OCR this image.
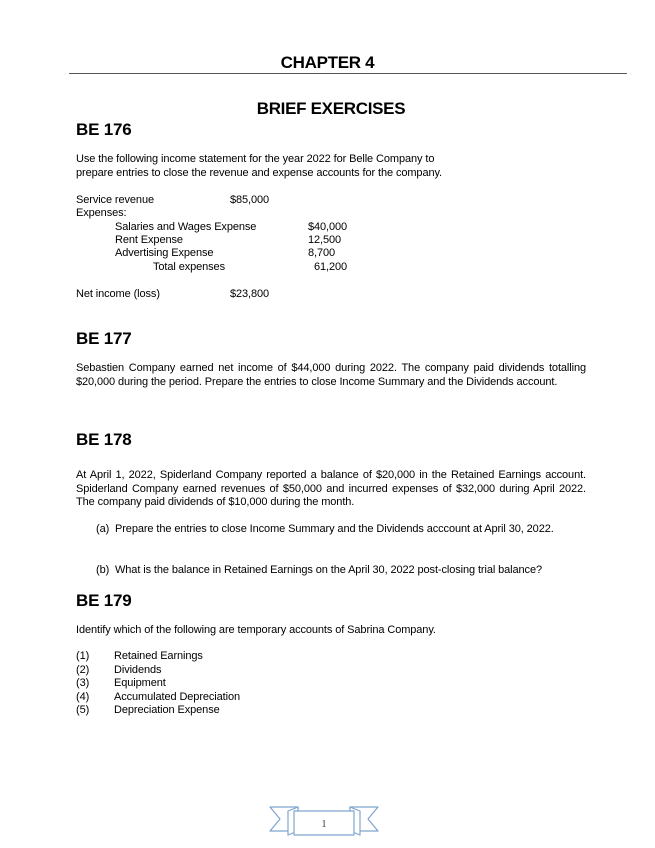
CHAPTER 4
BRIEF EXERCISES
BE 176
Use the following income statement for the year 2022 for Belle Company to
prepare entries to close the revenue and expense accounts for the company.
Service revenue	$85,000
Expenses:
Salaries and Wages Expense	$40,000
Rent Expense	12,500
Advertising Expense	8,700
Total expenses	61,200
Net income (loss)	$23,800
BE 177
Sebastien Company earned net income of $44,000 during 2022. The company paid dividends totalling $20,000 during the period. Prepare the entries to close Income Summary and the Dividends account.
BE 178
At April 1, 2022, Spiderland Company reported a balance of $20,000 in the Retained Earnings account. Spiderland Company earned revenues of $50,000 and incurred expenses of $32,000 during April 2022. The company paid dividends of $10,000 during the month.
(a) Prepare the entries to close Income Summary and the Dividends acccount at April 30, 2022.
(b) What is the balance in Retained Earnings on the April 30, 2022 post-closing trial balance?
BE 179
Identify which of the following are temporary accounts of Sabrina Company.
(1) Retained Earnings
(2) Dividends
(3) Equipment
(4) Accumulated Depreciation
(5) Depreciation Expense
1
